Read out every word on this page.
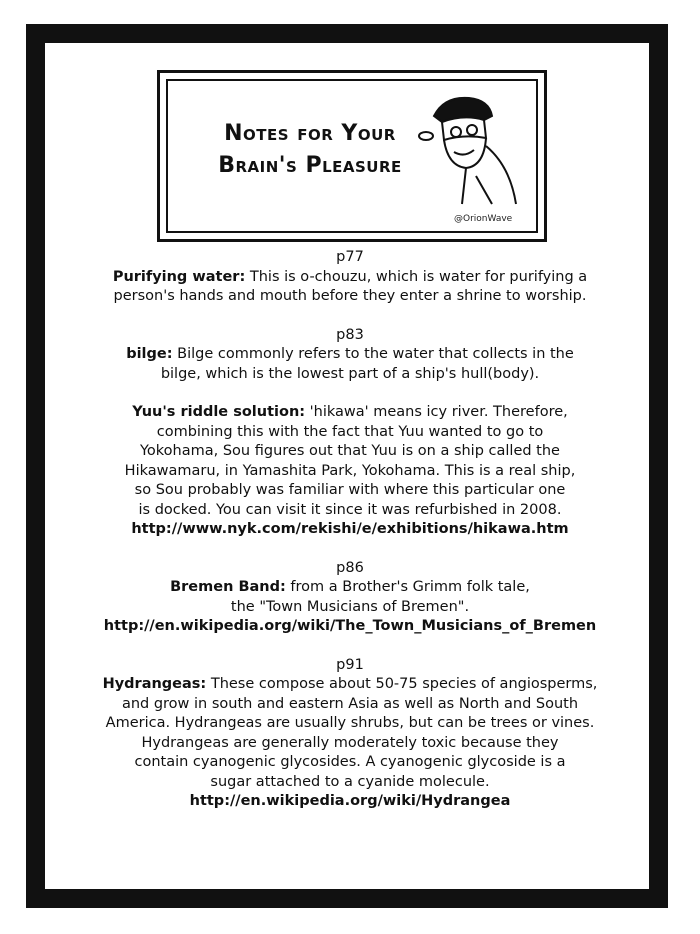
Notes for Your
Brain's Pleasure
@OrionWave
p77
Purifying water: This is o-chouzu, which is water for purifying a
person's hands and mouth before they enter a shrine to worship.
p83
bilge: Bilge commonly refers to the water that collects in the
bilge, which is the lowest part of a ship's hull(body).
Yuu's riddle solution: 'hikawa' means icy river. Therefore,
combining this with the fact that Yuu wanted to go to
Yokohama, Sou figures out that Yuu is on a ship called the
Hikawamaru, in Yamashita Park, Yokohama. This is a real ship,
so Sou probably was familiar with where this particular one
is docked. You can visit it since it was refurbished in 2008.
http://www.nyk.com/rekishi/e/exhibitions/hikawa.htm
p86
Bremen Band: from a Brother's Grimm folk tale,
the "Town Musicians of Bremen".
http://en.wikipedia.org/wiki/The_Town_Musicians_of_Bremen
p91
Hydrangeas: These compose about 50-75 species of angiosperms,
and grow in south and eastern Asia as well as North and South
America. Hydrangeas are usually shrubs, but can be trees or vines.
Hydrangeas are generally moderately toxic because they
contain cyanogenic glycosides. A cyanogenic glycoside is a
sugar attached to a cyanide molecule.
http://en.wikipedia.org/wiki/Hydrangea
